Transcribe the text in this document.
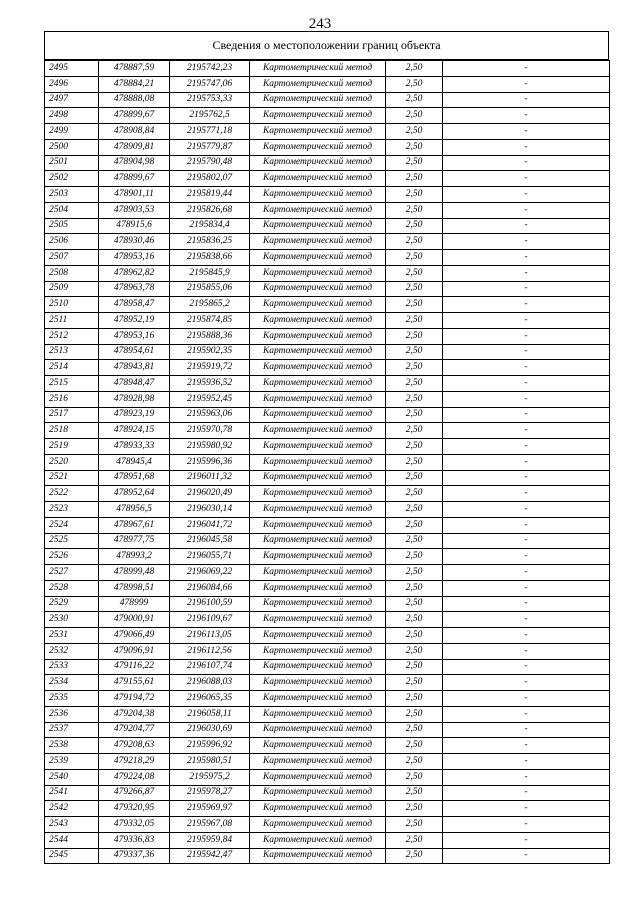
243
Сведения о местоположении границ объекта
2495	478887,59	2195742,23	Картометрический метод	2,50	-
2496	478884,21	2195747,06	Картометрический метод	2,50	-
2497	478888,08	2195753,33	Картометрический метод	2,50	-
2498	478899,67	2195762,5	Картометрический метод	2,50	-
2499	478908,84	2195771,18	Картометрический метод	2,50	-
2500	478909,81	2195779,87	Картометрический метод	2,50	-
2501	478904,98	2195790,48	Картометрический метод	2,50	-
2502	478899,67	2195802,07	Картометрический метод	2,50	-
2503	478901,11	2195819,44	Картометрический метод	2,50	-
2504	478903,53	2195826,68	Картометрический метод	2,50	-
2505	478915,6	2195834,4	Картометрический метод	2,50	-
2506	478930,46	2195836,25	Картометрический метод	2,50	-
2507	478953,16	2195838,66	Картометрический метод	2,50	-
2508	478962,82	2195845,9	Картометрический метод	2,50	-
2509	478963,78	2195855,06	Картометрический метод	2,50	-
2510	478958,47	2195865,2	Картометрический метод	2,50	-
2511	478952,19	2195874,85	Картометрический метод	2,50	-
2512	478953,16	2195888,36	Картометрический метод	2,50	-
2513	478954,61	2195902,35	Картометрический метод	2,50	-
2514	478943,81	2195919,72	Картометрический метод	2,50	-
2515	478948,47	2195936,52	Картометрический метод	2,50	-
2516	478928,98	2195952,45	Картометрический метод	2,50	-
2517	478923,19	2195963,06	Картометрический метод	2,50	-
2518	478924,15	2195970,78	Картометрический метод	2,50	-
2519	478933,33	2195980,92	Картометрический метод	2,50	-
2520	478945,4	2195996,36	Картометрический метод	2,50	-
2521	478951,68	2196011,32	Картометрический метод	2,50	-
2522	478952,64	2196020,49	Картометрический метод	2,50	-
2523	478956,5	2196030,14	Картометрический метод	2,50	-
2524	478967,61	2196041,72	Картометрический метод	2,50	-
2525	478977,75	2196045,58	Картометрический метод	2,50	-
2526	478993,2	2196055,71	Картометрический метод	2,50	-
2527	478999,48	2196069,22	Картометрический метод	2,50	-
2528	478998,51	2196084,66	Картометрический метод	2,50	-
2529	478999	2196100,59	Картометрический метод	2,50	-
2530	479000,91	2196109,67	Картометрический метод	2,50	-
2531	479066,49	2196113,05	Картометрический метод	2,50	-
2532	479096,91	2196112,56	Картометрический метод	2,50	-
2533	479116,22	2196107,74	Картометрический метод	2,50	-
2534	479155,61	2196088,03	Картометрический метод	2,50	-
2535	479194,72	2196065,35	Картометрический метод	2,50	-
2536	479204,38	2196058,11	Картометрический метод	2,50	-
2537	479204,77	2196030,69	Картометрический метод	2,50	-
2538	479208,63	2195996,92	Картометрический метод	2,50	-
2539	479218,29	2195980,51	Картометрический метод	2,50	-
2540	479224,08	2195975,2	Картометрический метод	2,50	-
2541	479266,87	2195978,27	Картометрический метод	2,50	-
2542	479320,95	2195969,97	Картометрический метод	2,50	-
2543	479332,05	2195967,08	Картометрический метод	2,50	-
2544	479336,83	2195959,84	Картометрический метод	2,50	-
2545	479337,36	2195942,47	Картометрический метод	2,50	-
